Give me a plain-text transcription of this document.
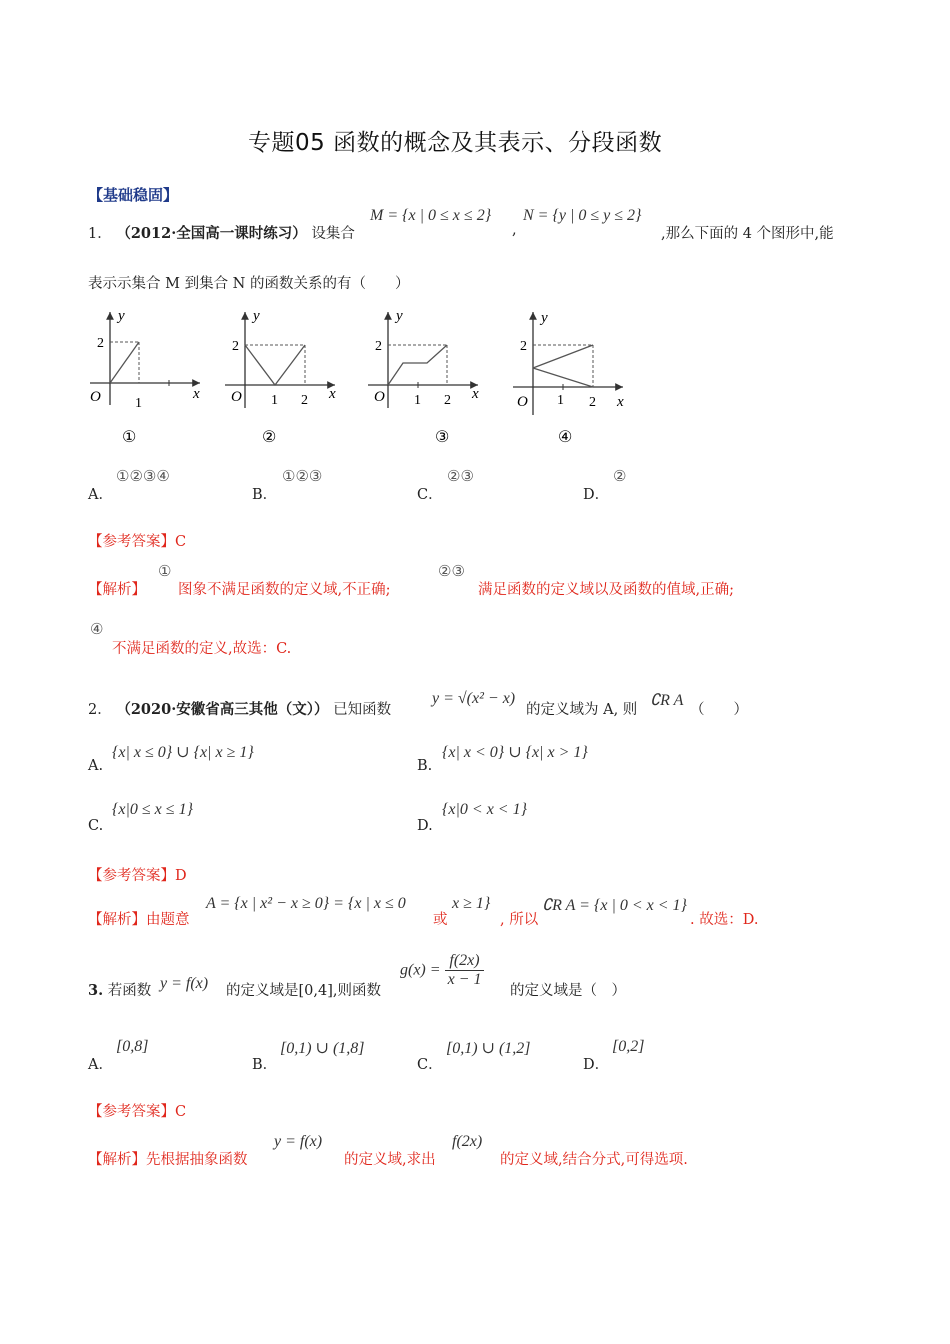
专题05 函数的概念及其表示、分段函数
【基础稳固】
1． （2012·全国高一课时练习） 设集合
M = {x | 0 ≤ x ≤ 2}
,
N = {y | 0 ≤ y ≤ 2}
,那么下面的 4 个图形中,能
表示示集合 M 到集合 N 的函数关系的有（　　）
2
O 1
x
y
①
2
O 1 2 x
y
②
2
O 1 2 x
y
③
2
O 1 2 x
y
④
A．
①②③④
B．
①②③
C．
②③
D．
②
【参考答案】C
【解析】
①
图象不满足函数的定义域,不正确;
②③
满足函数的定义域以及函数的值域,正确;
④
不满足函数的定义,故选：C.
2． （2020·安徽省高三其他（文）） 已知函数
y = √(x² − x)
的定义域为 A, 则
∁R A
（　　）
A.
{x| x ≤ 0} ∪ {x| x ≥ 1}
B.
{x| x < 0} ∪ {x| x > 1}
C.
{x|0 ≤ x ≤ 1}
D.
{x|0 < x < 1}
【参考答案】D
【解析】由题意
A = {x | x² − x ≥ 0} = {x | x ≤ 0
或
x ≥ 1}
, 所以
∁R A = {x | 0 < x < 1}
. 故选：D.
3. 若函数 y = f(x) 的定义域是[0,4],则函数
$g(x) = \frac{f(2x)}{x - 1}$
的定义域是（　）
A．
[0,8]
B．
[0,1) ∪ (1,8]
C．
[0,1) ∪ (1,2]
D．
[0,2]
【参考答案】C
【解析】先根据抽象函数
y = f(x)
的定义域,求出
f(2x)
的定义域,结合分式,可得选项.
